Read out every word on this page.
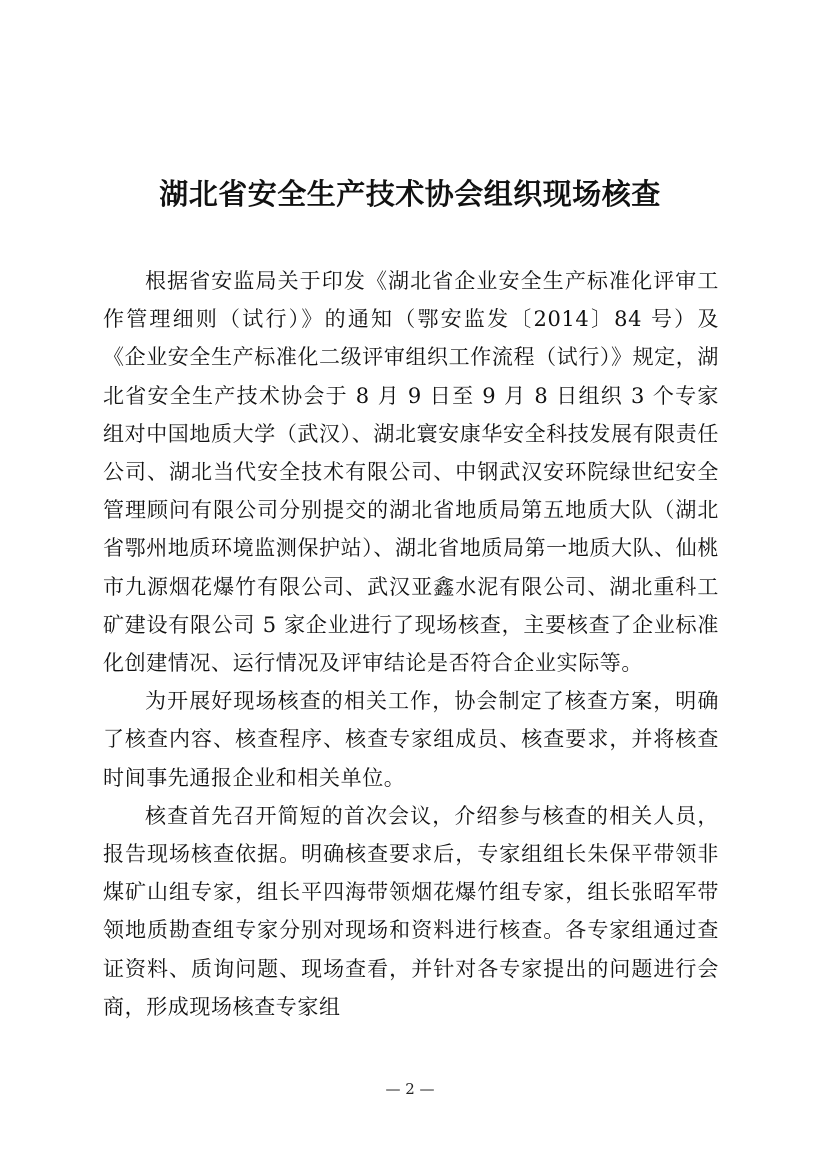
湖北省安全生产技术协会组织现场核查

根据省安监局关于印发《湖北省企业安全生产标准化评审工作管理细则（试行）》的通知（鄂安监发〔2014〕84 号）及《企业安全生产标准化二级评审组织工作流程（试行）》规定，湖北省安全生产技术协会于 8 月 9 日至 9 月 8 日组织 3 个专家组对中国地质大学（武汉）、湖北寰安康华安全科技发展有限责任公司、湖北当代安全技术有限公司、中钢武汉安环院绿世纪安全管理顾问有限公司分别提交的湖北省地质局第五地质大队（湖北省鄂州地质环境监测保护站）、湖北省地质局第一地质大队、仙桃市九源烟花爆竹有限公司、武汉亚鑫水泥有限公司、湖北重科工矿建设有限公司 5 家企业进行了现场核查，主要核查了企业标准化创建情况、运行情况及评审结论是否符合企业实际等。

为开展好现场核查的相关工作，协会制定了核查方案，明确了核查内容、核查程序、核查专家组成员、核查要求，并将核查时间事先通报企业和相关单位。

核查首先召开简短的首次会议，介绍参与核查的相关人员，报告现场核查依据。明确核查要求后，专家组组长朱保平带领非煤矿山组专家，组长平四海带领烟花爆竹组专家，组长张昭军带领地质勘查组专家分别对现场和资料进行核查。各专家组通过查证资料、质询问题、现场查看，并针对各专家提出的问题进行会商，形成现场核查专家组

— 2 —
